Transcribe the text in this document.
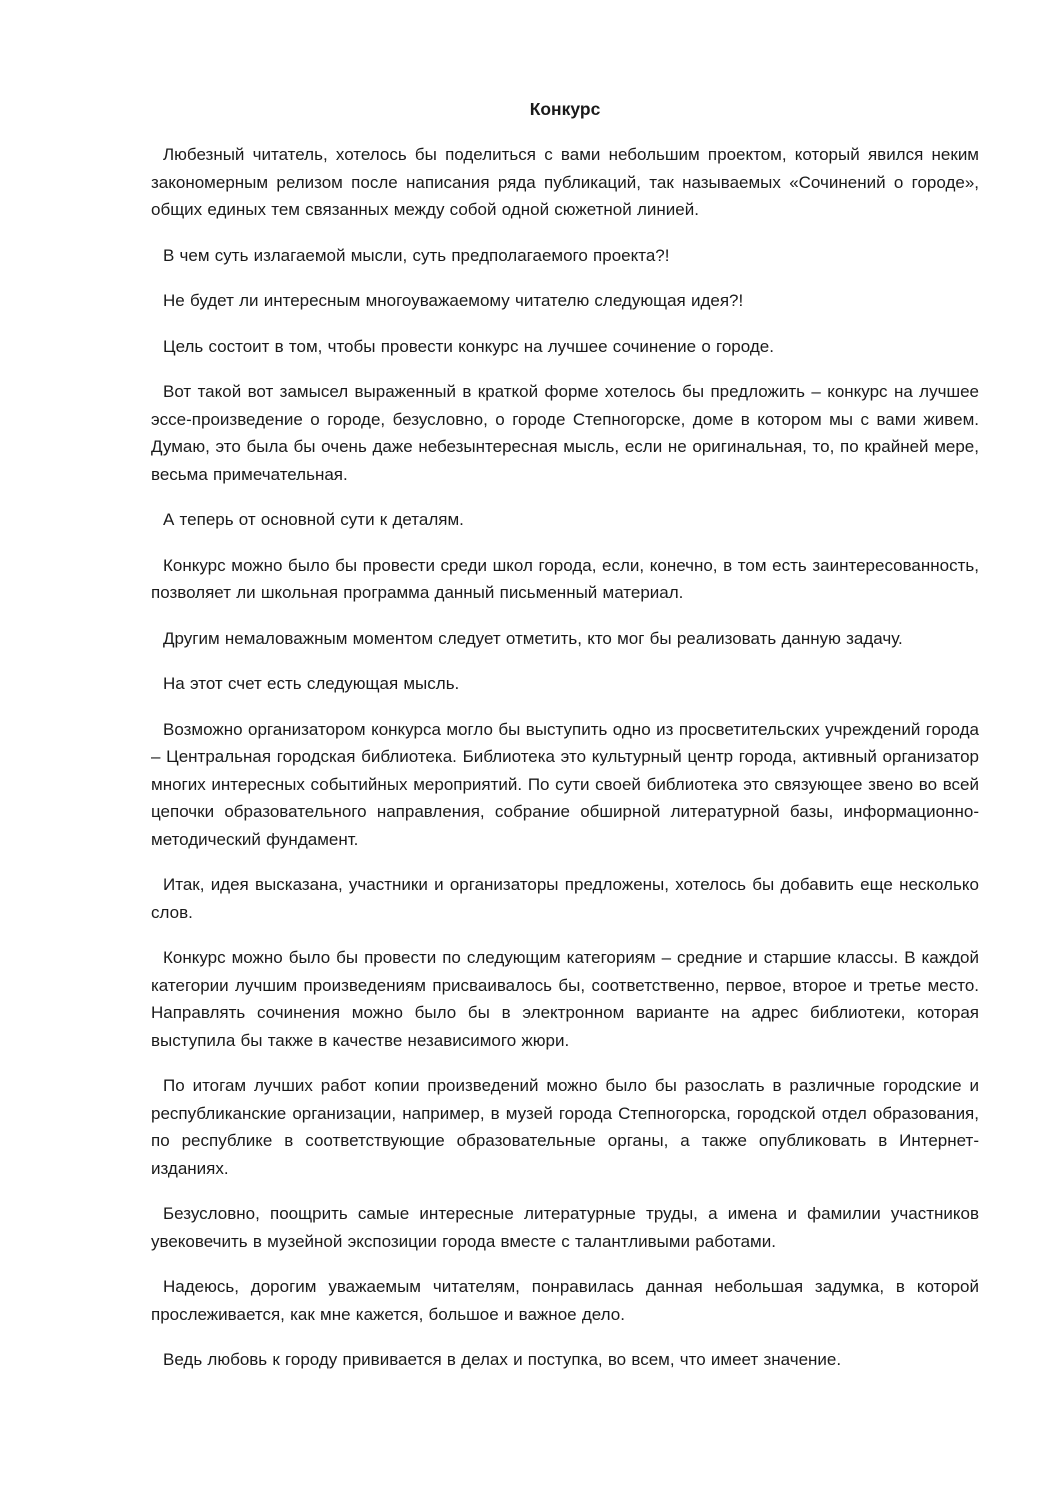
Конкурс

Любезный читатель, хотелось бы поделиться с вами небольшим проектом, который явился неким закономерным релизом после написания ряда публикаций, так называемых «Сочинений о городе», общих единых тем связанных между собой одной сюжетной линией.

В чем суть излагаемой мысли, суть предполагаемого проекта?!

Не будет ли интересным многоуважаемому читателю следующая идея?!

Цель состоит в том, чтобы провести конкурс на лучшее сочинение о городе.

Вот такой вот замысел выраженный в краткой форме хотелось бы предложить – конкурс на лучшее эссе-произведение о городе, безусловно, о городе Степногорске, доме в котором мы с вами живем. Думаю, это была бы очень даже небезынтересная мысль, если не оригинальная, то, по крайней мере, весьма примечательная.

А теперь от основной сути к деталям.

Конкурс можно было бы провести среди школ города, если, конечно, в том есть заинтересованность, позволяет ли школьная программа данный письменный материал.

Другим немаловажным моментом следует отметить, кто мог бы реализовать данную задачу.

На этот счет есть следующая мысль.

Возможно организатором конкурса могло бы выступить одно из просветительских учреждений города – Центральная городская библиотека. Библиотека это культурный центр города, активный организатор многих интересных событийных мероприятий. По сути своей библиотека это связующее звено во всей цепочки образовательного направления, собрание обширной литературной базы, информационно-методический фундамент.

Итак, идея высказана, участники и организаторы предложены, хотелось бы добавить еще несколько слов.

Конкурс можно было бы провести по следующим категориям – средние и старшие классы. В каждой категории лучшим произведениям присваивалось бы, соответственно, первое, второе и третье место. Направлять сочинения можно было бы в электронном варианте на адрес библиотеки, которая выступила бы также в качестве независимого жюри.

По итогам лучших работ копии произведений можно было бы разослать в различные городские и республиканские организации, например, в музей города Степногорска, городской отдел образования, по республике в соответствующие образовательные органы, а также опубликовать в Интернет-изданиях.

Безусловно, поощрить самые интересные литературные труды, а имена и фамилии участников увековечить в музейной экспозиции города вместе с талантливыми работами.

Надеюсь, дорогим уважаемым читателям, понравилась данная небольшая задумка, в которой прослеживается, как мне кажется, большое и важное дело.

Ведь любовь к городу прививается в делах и поступка, во всем, что имеет значение.
